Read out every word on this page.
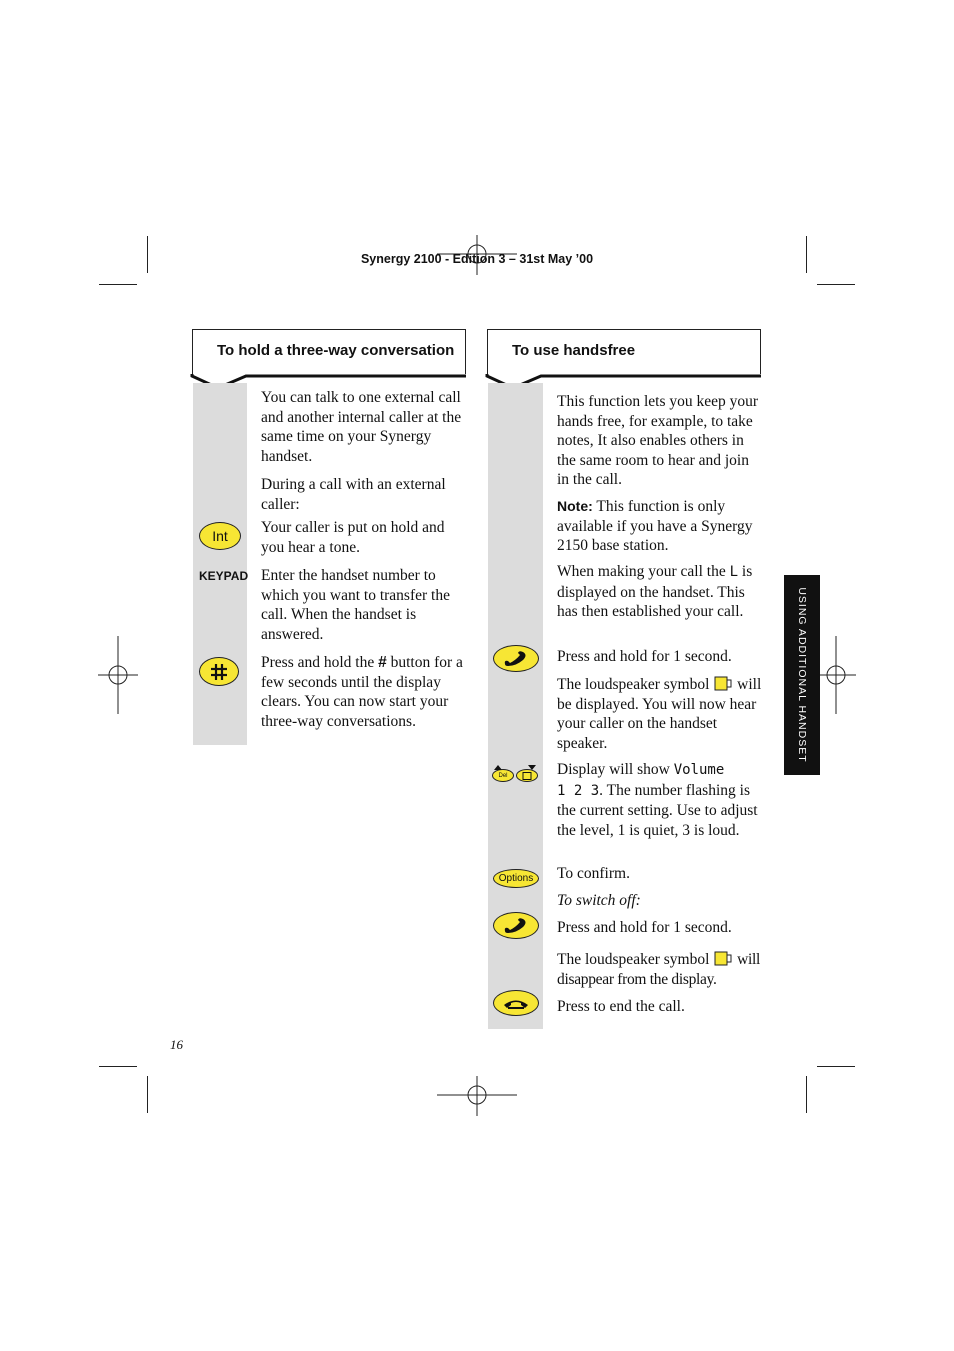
Synergy 2100 - Edition 3 – 31st May ’00
USING ADDITIONAL HANDSET
To hold a three-way conversation
You can talk to one external call and another internal caller at the same time on your Synergy handset.
During a call with an external caller:
Int Your caller is put on hold and you hear a tone.
KEYPAD Enter the handset number to which you want to transfer the call. When the handset is answered.
Press and hold the # button for a few seconds until the display clears. You can now start your three-way conversations.
To use handsfree
This function lets you keep your hands free, for example, to take notes, It also enables others in the same room to hear and join in the call.
Note: This function is only available if you have a Synergy 2150 base station.
When making your call the L is displayed on the handset. This has then established your call.
Press and hold for 1 second.
The loudspeaker symbol will be displayed. You will now hear your caller on the handset speaker.
Del	Display will show Volume
1 2 3. The number flashing is the current setting. Use to adjust the level, 1 is quiet, 3 is loud.
Options To confirm.
To switch off:
Press and hold for 1 second.
The loudspeaker symbol will disappear from the display.
Press to end the call.
16
